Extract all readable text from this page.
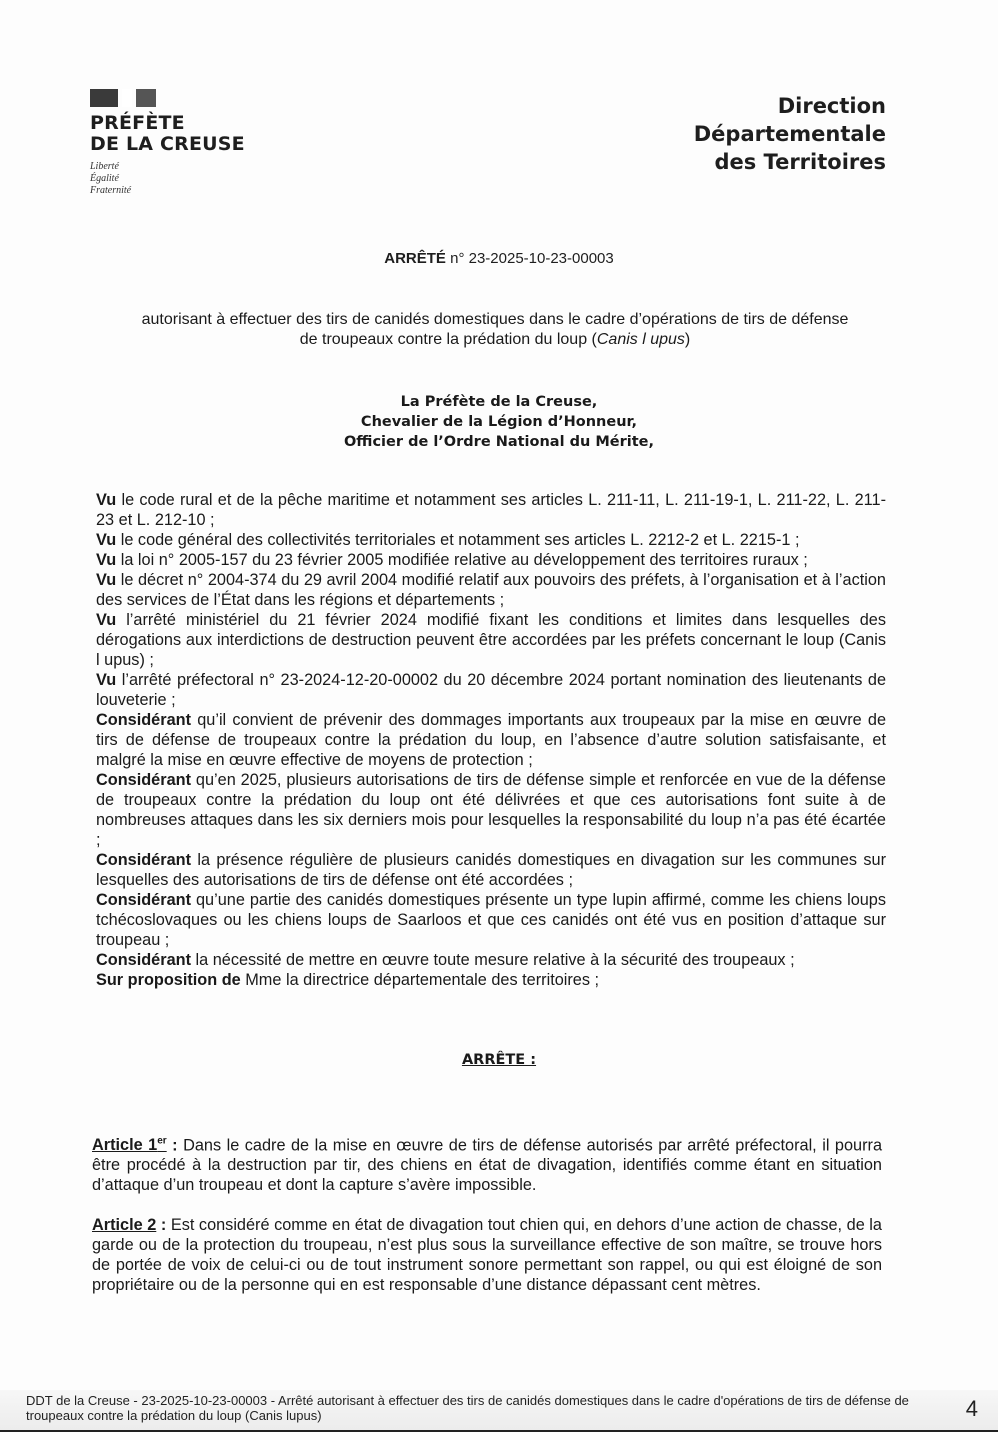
PRÉFÈTE
DE LA CREUSE
Liberté
Égalité
Fraternité
Direction
Départementale
des Territoires
ARRÊTÉ n° 23-2025-10-23-00003
autorisant à effectuer des tirs de canidés domestiques dans le cadre d’opérations de tirs de défense
de troupeaux contre la prédation du loup (Canis l upus)
La Préfète de la Creuse,
Chevalier de la Légion d’Honneur,
Officier de l’Ordre National du Mérite,

Vu le code rural et de la pêche maritime et notamment ses articles L. 211-11, L. 211-19-1, L. 211-22, L. 211-23 et L. 212-10 ;

Vu le code général des collectivités territoriales et notamment ses articles L. 2212-2 et L. 2215-1 ;

Vu la loi n° 2005-157 du 23 février 2005 modifiée relative au développement des territoires ruraux ;

Vu le décret n° 2004-374 du 29 avril 2004 modifié relatif aux pouvoirs des préfets, à l’organisation et à l’action des services de l’État dans les régions et départements ;

Vu l’arrêté ministériel du 21 février 2024 modifié fixant les conditions et limites dans lesquelles des dérogations aux interdictions de destruction peuvent être accordées par les préfets concernant le loup (Canis l upus) ;

Vu l’arrêté préfectoral n° 23-2024-12-20-00002 du 20 décembre 2024 portant nomination des lieutenants de louveterie ;

Considérant qu’il convient de prévenir des dommages importants aux troupeaux par la mise en œuvre de tirs de défense de troupeaux contre la prédation du loup, en l’absence d’autre solution satisfaisante, et malgré la mise en œuvre effective de moyens de protection ;

Considérant qu’en 2025, plusieurs autorisations de tirs de défense simple et renforcée en vue de la défense de troupeaux contre la prédation du loup ont été délivrées et que ces autorisations font suite à de nombreuses attaques dans les six derniers mois pour lesquelles la responsabilité du loup n’a pas été écartée ;

Considérant la présence régulière de plusieurs canidés domestiques en divagation sur les communes sur lesquelles des autorisations de tirs de défense ont été accordées ;

Considérant qu’une partie des canidés domestiques présente un type lupin affirmé, comme les chiens loups tchécoslovaques ou les chiens loups de Saarloos et que ces canidés ont été vus en position d’attaque sur troupeau ;

Considérant la nécessité de mettre en œuvre toute mesure relative à la sécurité des troupeaux ;

Sur proposition de Mme la directrice départementale des territoires ;

ARRÊTE :

Article 1er : Dans le cadre de la mise en œuvre de tirs de défense autorisés par arrêté préfectoral, il pourra être procédé à la destruction par tir, des chiens en état de divagation, identifiés comme étant en situation d’attaque d’un troupeau et dont la capture s’avère impossible.

Article 2 : Est considéré comme en état de divagation tout chien qui, en dehors d’une action de chasse, de la garde ou de la protection du troupeau, n’est plus sous la surveillance effective de son maître, se trouve hors de portée de voix de celui-ci ou de tout instrument sonore permettant son rappel, ou qui est éloigné de son propriétaire ou de la personne qui en est responsable d’une distance dépassant cent mètres.

DDT de la Creuse - 23-2025-10-23-00003 - Arrêté autorisant à effectuer des tirs de canidés domestiques dans le cadre d'opérations de tirs de défense de troupeaux contre la prédation du loup (Canis lupus)	4
